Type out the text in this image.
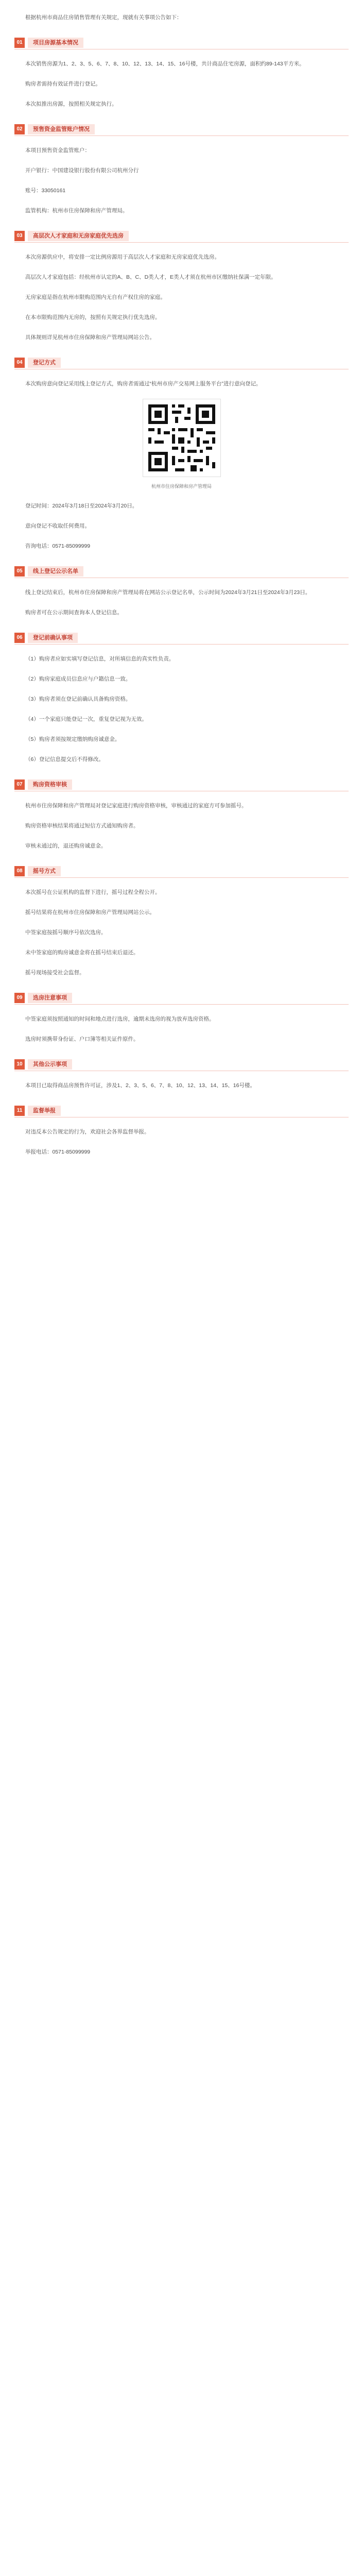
根据杭州市商品住房销售管理有关规定，现就有关事项公告如下：

01	项目房源基本情况

本次销售房源为1、2、3、5、6、7、8、10、12、13、14、15、16号楼，共计商品住宅房源，面积约89-143平方米。

购房者需持有效证件进行登记。

本次拟推出房源，按照相关规定执行。

02	预售资金监管账户情况

本项目预售资金监管账户：

开户银行：中国建设银行股份有限公司杭州分行

账号：33050161

监管机构：杭州市住房保障和房产管理局。

03	高层次人才家庭和无房家庭优先选房

本次房源供应中，将安排一定比例房源用于高层次人才家庭和无房家庭优先选房。

高层次人才家庭包括：经杭州市认定的A、B、C、D类人才，E类人才须在杭州市区缴纳社保满一定年限。

无房家庭是指在杭州市限购范围内无自有产权住房的家庭。

在本市限购范围内无房的，按照有关规定执行优先选房。

具体规则详见杭州市住房保障和房产管理局网站公告。

04	登记方式

本次购房意向登记采用线上登记方式，购房者需通过“杭州市房产交易网上服务平台”进行意向登记。

杭州市住房保障和房产管理局

登记时间：2024年3月18日至2024年3月20日。

意向登记不收取任何费用。

咨询电话：0571-85099999

05	线上登记公示名单

线上登记结束后，杭州市住房保障和房产管理局将在网站公示登记名单，公示时间为2024年3月21日至2024年3月23日。

购房者可在公示期间查询本人登记信息。

06	登记前确认事项

（1）购房者应如实填写登记信息，对所填信息的真实性负责。

（2）购房家庭成员信息应与户籍信息一致。

（3）购房者须在登记前确认具备购房资格。

（4）一个家庭只能登记一次，重复登记视为无效。

（5）购房者须按规定缴纳购房诚意金。

（6）登记信息提交后不得修改。

07	购房资格审核

杭州市住房保障和房产管理局对登记家庭进行购房资格审核，审核通过的家庭方可参加摇号。

购房资格审核结果将通过短信方式通知购房者。

审核未通过的，退还购房诚意金。

08	摇号方式

本次摇号在公证机构的监督下进行，摇号过程全程公开。

摇号结果将在杭州市住房保障和房产管理局网站公示。

中签家庭按摇号顺序号依次选房。

未中签家庭的购房诚意金将在摇号结束后退还。

摇号现场接受社会监督。

09	选房注意事项

中签家庭须按照通知的时间和地点进行选房，逾期未选房的视为放弃选房资格。

选房时须携带身份证、户口簿等相关证件原件。

10	其他公示事项

本项目已取得商品房预售许可证，涉及1、2、3、5、6、7、8、10、12、13、14、15、16号楼。

11	监督举报

对违反本公告规定的行为，欢迎社会各界监督举报。

举报电话：0571-85099999
